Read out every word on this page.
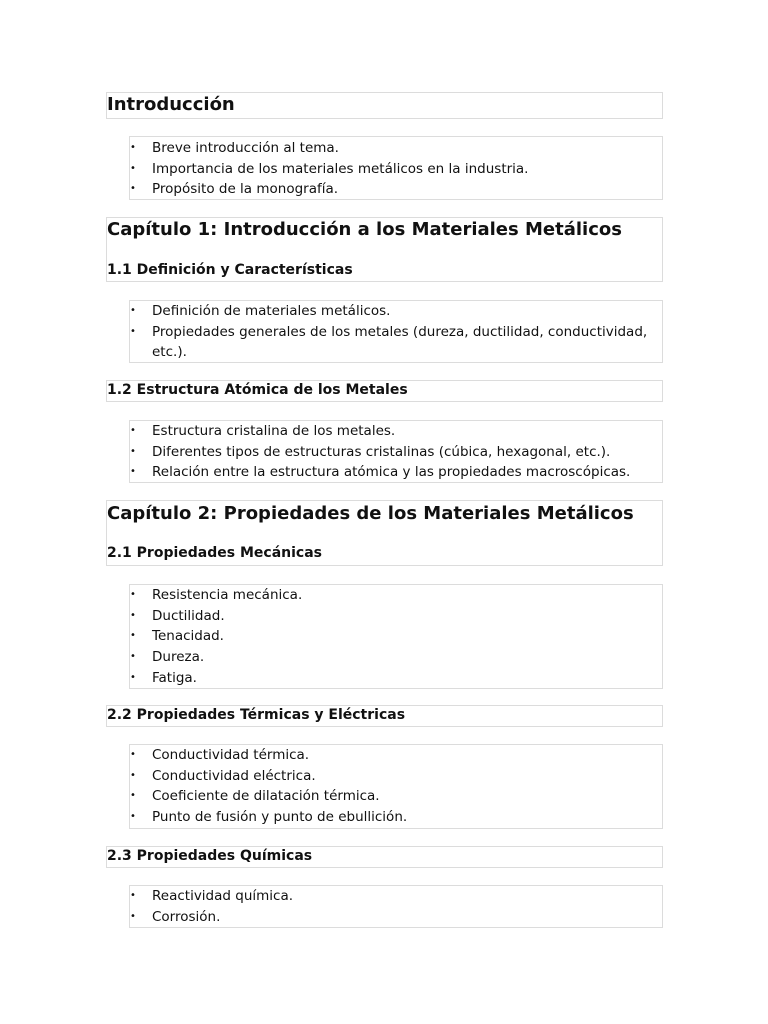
Introducción
• Breve introducción al tema.
• Importancia de los materiales metálicos en la industria.
• Propósito de la monografía.
Capítulo 1: Introducción a los Materiales Metálicos
1.1 Definición y Características
• Definición de materiales metálicos.
• Propiedades generales de los metales (dureza, ductilidad, conductividad, etc.).
1.2 Estructura Atómica de los Metales
• Estructura cristalina de los metales.
• Diferentes tipos de estructuras cristalinas (cúbica, hexagonal, etc.).
• Relación entre la estructura atómica y las propiedades macroscópicas.
Capítulo 2: Propiedades de los Materiales Metálicos
2.1 Propiedades Mecánicas
• Resistencia mecánica.
• Ductilidad.
• Tenacidad.
• Dureza.
• Fatiga.
2.2 Propiedades Térmicas y Eléctricas
• Conductividad térmica.
• Conductividad eléctrica.
• Coeficiente de dilatación térmica.
• Punto de fusión y punto de ebullición.
2.3 Propiedades Químicas
• Reactividad química.
• Corrosión.
